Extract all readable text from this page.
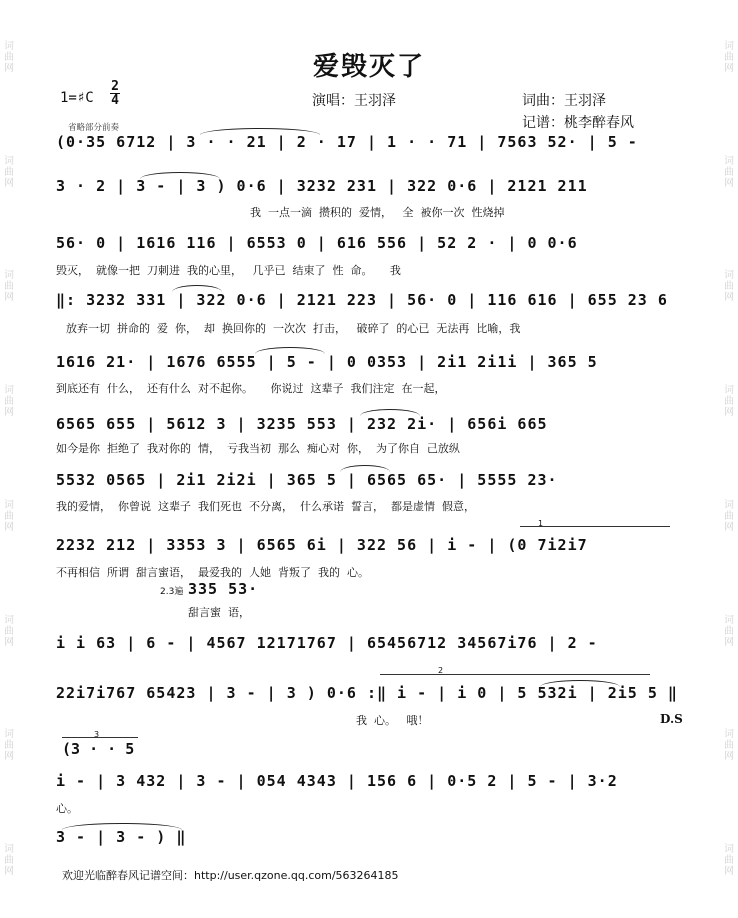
词曲网
词曲网
词曲网
词曲网
词曲网
词曲网
词曲网
词曲网
词曲网
词曲网
词曲网
词曲网
词曲网
词曲网
词曲网
词曲网
爱毁灭了
1=♯C
2
4	演唱：王羽泽	词曲：王羽泽
记谱：桃李醉春风
省略部分前奏
(0·35 6712 | 3 · · 21 | 2 · 17 | 1 · · 71 | 7563 52· | 5 -
3 · 2 | 3 - | 3 ) 0·6 | 3232 231 | 322 0·6 | 2121 211
我  一点一滴  攒积的  爱情，   全  被你一次  性烧掉
56· 0 | 1616 116 | 6553 0 | 616 556 | 52 2 · | 0 0·6
毁灭，  就像一把  刀刺进  我的心里，   几乎已  结束了  性  命。     我
‖: 3232 331 | 322 0·6 | 2121 223 | 56· 0 | 116 616 | 655 23 6
放弃一切  拼命的  爱  你，  却  换回你的  一次次  打击，   破碎了  的心已  无法再  比喻，我
1616 21· | 1676 6555 | 5 - | 0 0353 | 2i1 2i1i | 365 5
到底还有  什么，  还有什么  对不起你。     你说过  这辈子  我们注定  在一起，
6565 655 | 5612 3 | 3235 553 | 232 2i· | 656i 665
如今是你  拒绝了  我对你的  情，  亏我当初  那么  痴心对  你，  为了你自  己放纵
5532 0565 | 2i1 2i2i | 365 5 | 6565 65· | 5555 23·
我的爱情，  你曾说  这辈子  我们死也  不分离，  什么承诺  誓言，  都是虚情  假意，
1
2232 212 | 3353 3 | 6565 6i | 322 56 | i - | (0 7i2i7
不再相信  所谓  甜言蜜语，  最爱我的  人她  背叛了  我的  心。
2.3遍 335 53·
甜言蜜  语，
i i 63 | 6 - | 4567 12171767 | 65456712 34567i76 | 2 -
2
22i7i767 65423 | 3 - | 3 ) 0·6 :‖ i - | i 0 | 5 532i | 2i5 5 ‖
我  心。   哦！	D.S
3
(3 · · 5
i - | 3 432 | 3 - | 054 4343 | 156 6 | 0·5 2 | 5 - | 3·2
心。
3 - | 3 - ) ‖
欢迎光临醉春风记谱空间：http://user.qzone.qq.com/563264185
